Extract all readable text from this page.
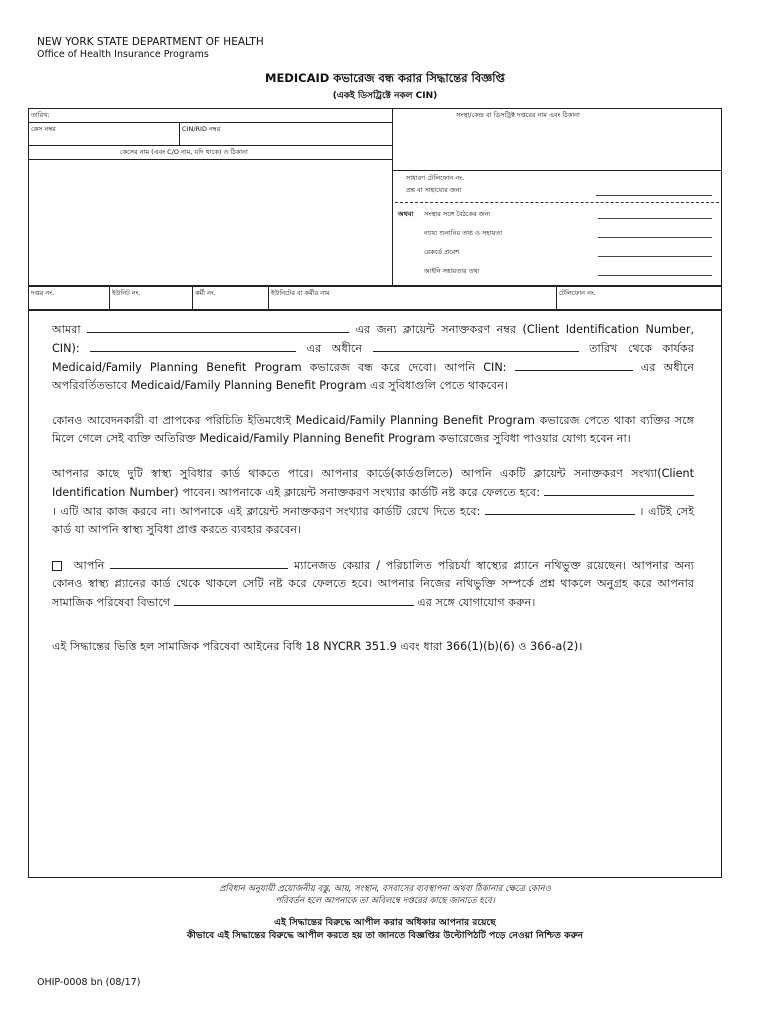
NEW YORK STATE DEPARTMENT OF HEALTH
Office of Health Insurance Programs
MEDICAID কভারেজ বন্ধ করার সিদ্ধান্তের বিজ্ঞপ্তি
(একই ডিসট্রিক্টে নকল CIN)
তারিখ:
কেস নম্বর	CIN/RID নম্বর
কেসের নাম (এবং C/O নাম, যদি থাকে) ও ঠিকানা
সংস্থা/কেন্দ্র বা ডিসট্রিক্ট দপ্তরের নাম এবং ঠিকানা
সাধারণ টেলিফোন নং.
প্রশ্ন বা সাহায্যের জন্য
অথবা সংস্থার সঙ্গে বৈঠকের জন্য
ন্যায্য শুনানির তথ্য ও সহায়তা
রেকর্ডে প্রবেশ
আইনি সহায়তার তথ্য
দপ্তর নং.	ইউনিট নং.	কর্মী নং.	ইউনিটের বা কর্মীর নাম	টেলিফোন নং.

আমরা	এর জন্য ক্লায়েন্ট সনাক্তকরণ নম্বর (Client Identification Number, CIN):	এর অধীনে	তারিখ থেকে কার্যকর Medicaid/Family Planning Benefit Program কভারেজ বন্ধ করে দেবো। আপনি CIN:	এর অধীনে অপরিবর্তিতভাবে Medicaid/Family Planning Benefit Program এর সুবিধাগুলি পেতে থাকবেন।

কোনও আবেদনকারী বা প্রাপকের পরিচিতি ইতিমধ্যেই Medicaid/Family Planning Benefit Program কভারেজ পেতে থাকা ব্যক্তির সঙ্গে মিলে গেলে সেই ব্যক্তি অতিরিক্ত Medicaid/Family Planning Benefit Program কভারেজের সুবিধা পাওয়ার যোগ্য হবেন না।

আপনার কাছে দুটি স্বাস্থ্য সুবিধার কার্ড থাকতে পারে। আপনার কার্ডে(কার্ডগুলিতে) আপনি একটি ক্লায়েন্ট সনাক্তকরণ সংখ্যা(Client Identification Number) পাবেন। আপনাকে এই ক্লায়েন্ট সনাক্তকরণ সংখ্যার কার্ডটি নষ্ট করে ফেলতে হবে:  । এটি আর কাজ করবে না। আপনাকে এই ক্লায়েন্ট সনাক্তকরণ সংখ্যার কার্ডটি রেখে দিতে হবে:	। এটিই সেই কার্ড যা আপনি স্বাস্থ্য সুবিধা প্রাপ্ত করতে ব্যবহার করবেন।

আপনি	ম্যানেজড কেয়ার / পরিচালিত পরিচর্যা স্বাস্থ্যের প্ল্যানে নথিভুক্ত রয়েছেন। আপনার অন্য কোনও স্বাস্থ্য প্ল্যানের কার্ড থেকে থাকলে সেটি নষ্ট করে ফেলতে হবে। আপনার নিজের নথিভুক্তি সম্পর্কে প্রশ্ন থাকলে অনুগ্রহ করে আপনার সামাজিক পরিষেবা বিভাগে	এর সঙ্গে যোগাযোগ করুন।

এই সিদ্ধান্তের ভিত্তি হল সামাজিক পরিষেবা আইনের বিধি 18 NYCRR 351.9 এবং ধারা 366(1)(b)(6) ও 366-a(2)।

প্রবিধান অনুযায়ী প্রয়োজনীয় বস্তু, আয়, সংস্থান, বসবাসের ব্যবস্থাপনা অথবা ঠিকানার ক্ষেত্রে কোনও
পরিবর্তন হলে আপনাকে তা অবিলম্বে দপ্তরের কাছে জানাতে হবে।
এই সিদ্ধান্তের বিরুদ্ধে আপীল করার অধিকার আপনার রয়েছে
কীভাবে এই সিদ্ধান্তের বিরুদ্ধে আপীল করতে হয় তা জানতে বিজ্ঞপ্তির উল্টোপিঠটি পড়ে নেওয়া নিশ্চিত করুন
OHIP-0008 bn (08/17)
